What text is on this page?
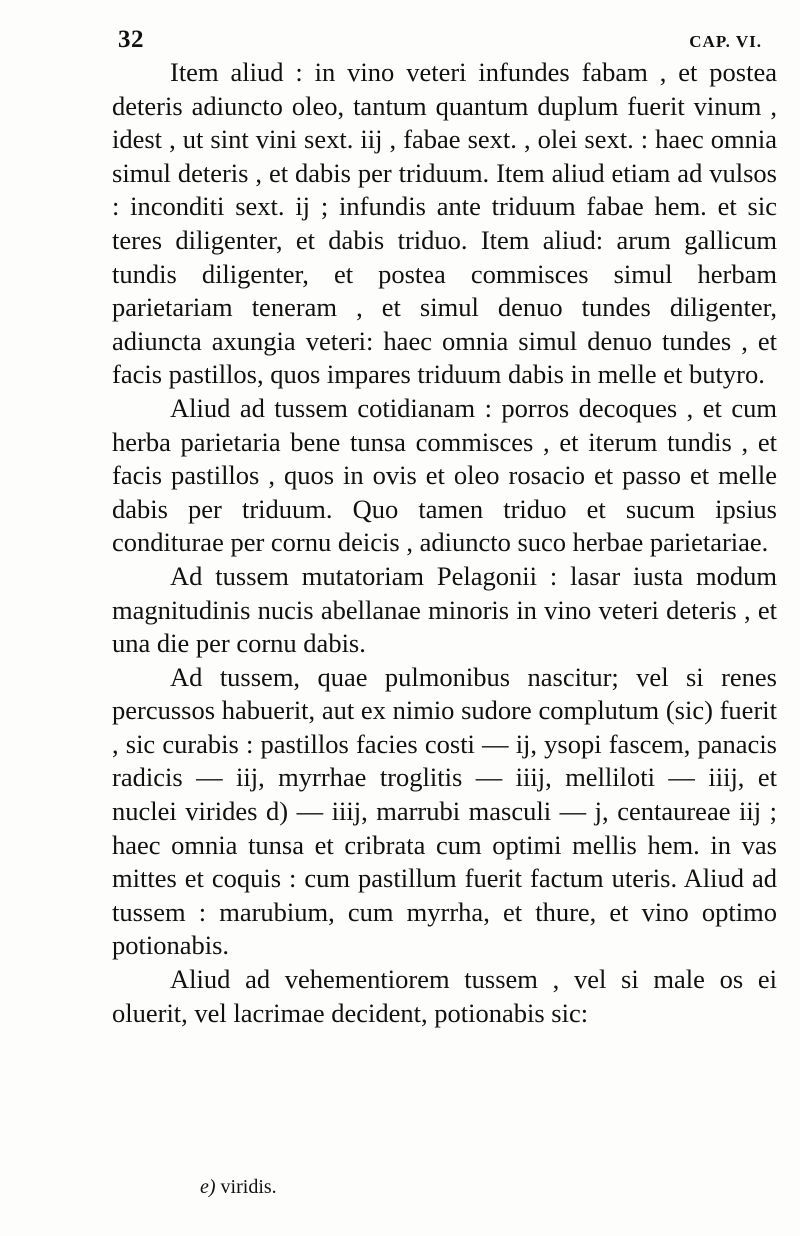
32	CAP. VI.

Item aliud : in vino veteri infundes fabam , et postea deteris adiuncto oleo, tantum quantum duplum fuerit vinum , idest , ut sint vini sext. iij , fabae sext. , olei sext. : haec omnia simul deteris , et dabis per triduum. Item aliud etiam ad vulsos : inconditi sext. ij ; infundis ante triduum fabae hem. et sic teres diligenter, et dabis triduo. Item aliud: arum gallicum tundis diligenter, et postea commisces simul herbam parietariam teneram , et simul denuo tundes diligenter, adiuncta axungia veteri: haec omnia simul denuo tundes , et facis pastillos, quos impares triduum dabis in melle et butyro.

Aliud ad tussem cotidianam : porros decoques , et cum herba parietaria bene tunsa commisces , et iterum tundis , et facis pastillos , quos in ovis et oleo rosacio et passo et melle dabis per triduum. Quo tamen triduo et sucum ipsius conditurae per cornu deicis , adiuncto suco herbae parietariae.

Ad tussem mutatoriam Pelagonii : lasar iusta modum magnitudinis nucis abellanae minoris in vino veteri deteris , et una die per cornu dabis.

Ad tussem, quae pulmonibus nascitur; vel si renes percussos habuerit, aut ex nimio sudore complutum (sic) fuerit , sic curabis : pastillos facies costi — ij, ysopi fascem, panacis radicis — iij, myrrhae troglitis — iiij, melliloti — iiij, et nuclei virides d) — iiij, marrubi masculi — j, centaureae iij ; haec omnia tunsa et cribrata cum optimi mellis hem. in vas mittes et coquis : cum pastillum fuerit factum uteris. Aliud ad tussem : marubium, cum myrrha, et thure, et vino optimo potionabis.

Aliud ad vehementiorem tussem , vel si male os ei oluerit, vel lacrimae decident, potionabis sic:

e) viridis.
